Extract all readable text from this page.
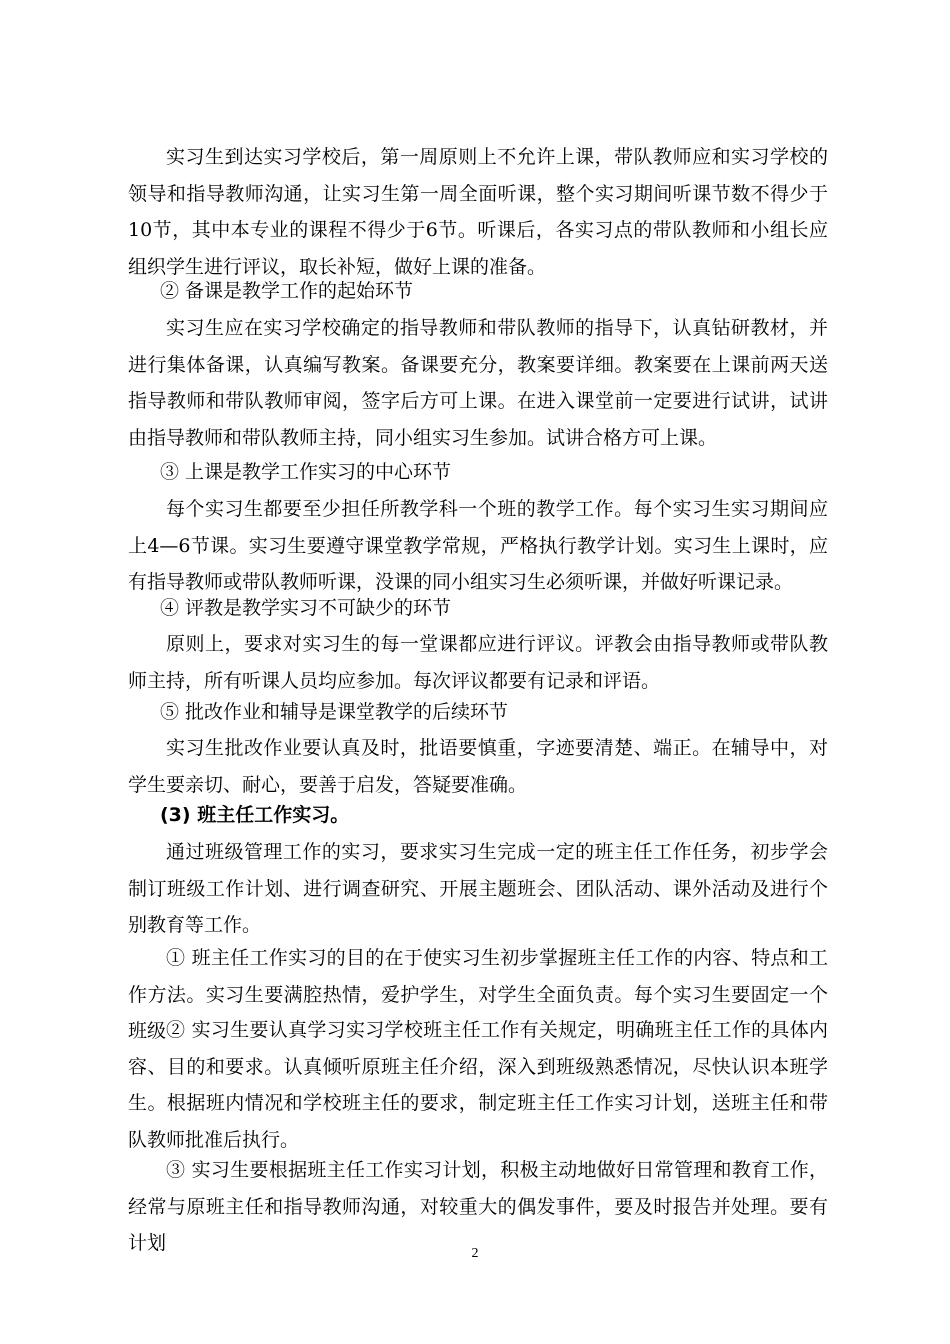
实习生到达实习学校后，第一周原则上不允许上课，带队教师应和实习学校的领导和指导教师沟通，让实习生第一周全面听课，整个实习期间听课节数不得少于10节，其中本专业的课程不得少于6节。听课后，各实习点的带队教师和小组长应组织学生进行评议，取长补短，做好上课的准备。

② 备课是教学工作的起始环节

实习生应在实习学校确定的指导教师和带队教师的指导下，认真钻研教材，并进行集体备课，认真编写教案。备课要充分，教案要详细。教案要在上课前两天送指导教师和带队教师审阅，签字后方可上课。在进入课堂前一定要进行试讲，试讲由指导教师和带队教师主持，同小组实习生参加。试讲合格方可上课。

③ 上课是教学工作实习的中心环节

每个实习生都要至少担任所教学科一个班的教学工作。每个实习生实习期间应上4—6节课。实习生要遵守课堂教学常规，严格执行教学计划。实习生上课时，应有指导教师或带队教师听课，没课的同小组实习生必须听课，并做好听课记录。

④ 评教是教学实习不可缺少的环节

原则上，要求对实习生的每一堂课都应进行评议。评教会由指导教师或带队教师主持，所有听课人员均应参加。每次评议都要有记录和评语。

⑤ 批改作业和辅导是课堂教学的后续环节

实习生批改作业要认真及时，批语要慎重，字迹要清楚、端正。在辅导中，对学生要亲切、耐心，要善于启发，答疑要准确。

(3) 班主任工作实习。

通过班级管理工作的实习，要求实习生完成一定的班主任工作任务，初步学会制订班级工作计划、进行调查研究、开展主题班会、团队活动、课外活动及进行个别教育等工作。

① 班主任工作实习的目的在于使实习生初步掌握班主任工作的内容、特点和工作方法。实习生要满腔热情，爱护学生，对学生全面负责。每个实习生要固定一个班级 ② 实习生要认真学习实习学校班主任工作有关规定，明确班主任工作的具体内容、目的和要求。认真倾听原班主任介绍，深入到班级熟悉情况，尽快认识本班学生。根据班内情况和学校班主任的要求，制定班主任工作实习计划，送班主任和带队教师批准后执行。

③ 实习生要根据班主任工作实习计划，积极主动地做好日常管理和教育工作，经常与原班主任和指导教师沟通，对较重大的偶发事件，要及时报告并处理。要有计划	2
